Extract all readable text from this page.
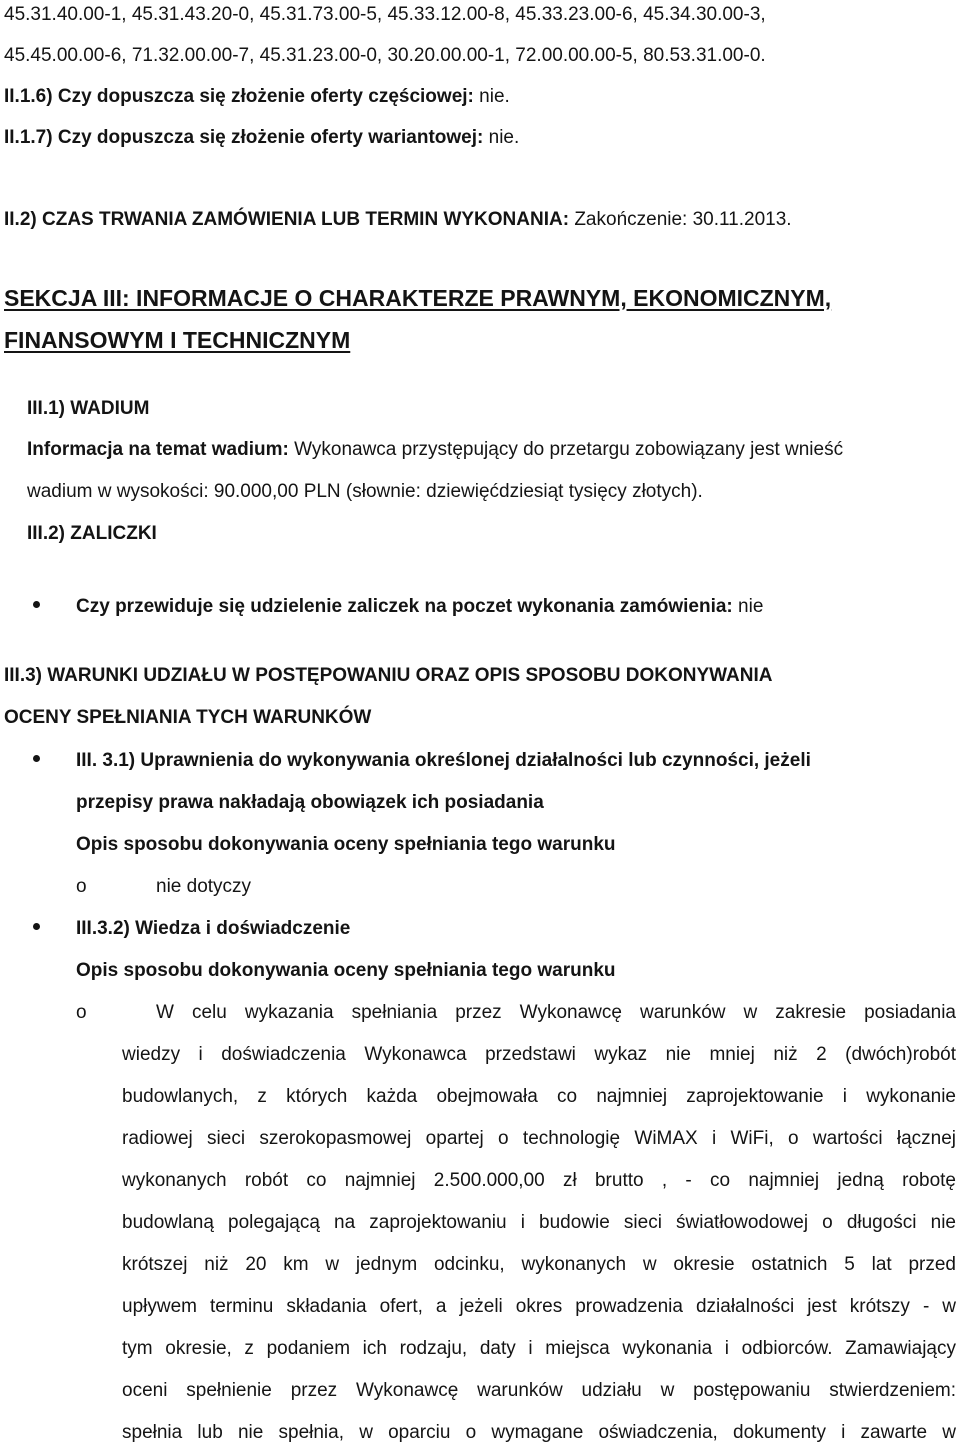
45.31.40.00-1, 45.31.43.20-0, 45.31.73.00-5, 45.33.12.00-8, 45.33.23.00-6, 45.34.30.00-3,
45.45.00.00-6, 71.32.00.00-7, 45.31.23.00-0, 30.20.00.00-1, 72.00.00.00-5, 80.53.31.00-0.
II.1.6) Czy dopuszcza się złożenie oferty częściowej: nie.
II.1.7) Czy dopuszcza się złożenie oferty wariantowej: nie.
II.2) CZAS TRWANIA ZAMÓWIENIA LUB TERMIN WYKONANIA: Zakończenie: 30.11.2013.
SEKCJA III: INFORMACJE O CHARAKTERZE PRAWNYM, EKONOMICZNYM,
FINANSOWYM I TECHNICZNYM
III.1) WADIUM
Informacja na temat wadium: Wykonawca przystępujący do przetargu zobowiązany jest wnieść
wadium w wysokości: 90.000,00 PLN (słownie: dziewięćdziesiąt tysięcy złotych).
III.2) ZALICZKI
Czy przewiduje się udzielenie zaliczek na poczet wykonania zamówienia: nie
III.3) WARUNKI UDZIAŁU W POSTĘPOWANIU ORAZ OPIS SPOSOBU DOKONYWANIA
OCENY SPEŁNIANIA TYCH WARUNKÓW
III. 3.1) Uprawnienia do wykonywania określonej działalności lub czynności, jeżeli
przepisy prawa nakładają obowiązek ich posiadania
Opis sposobu dokonywania oceny spełniania tego warunku
o	nie dotyczy
III.3.2) Wiedza i doświadczenie
Opis sposobu dokonywania oceny spełniania tego warunku
o	W celu wykazania spełniania przez Wykonawcę warunków w zakresie posiadania
wiedzy i doświadczenia Wykonawca przedstawi wykaz nie mniej niż 2 (dwóch)robót
budowlanych, z których każda obejmowała co najmniej zaprojektowanie i wykonanie
radiowej sieci szerokopasmowej opartej o technologię WiMAX i WiFi, o wartości łącznej
wykonanych robót co najmniej 2.500.000,00 zł brutto , - co najmniej jedną robotę
budowlaną polegającą na zaprojektowaniu i budowie sieci światłowodowej o długości nie
krótszej niż 20 km w jednym odcinku, wykonanych w okresie ostatnich 5 lat przed
upływem terminu składania ofert, a jeżeli okres prowadzenia działalności jest krótszy - w
tym okresie, z podaniem ich rodzaju, daty i miejsca wykonania i odbiorców. Zamawiający
oceni spełnienie przez Wykonawcę warunków udziału w postępowaniu stwierdzeniem:
spełnia lub nie spełnia, w oparciu o wymagane oświadczenia, dokumenty i zawarte w
